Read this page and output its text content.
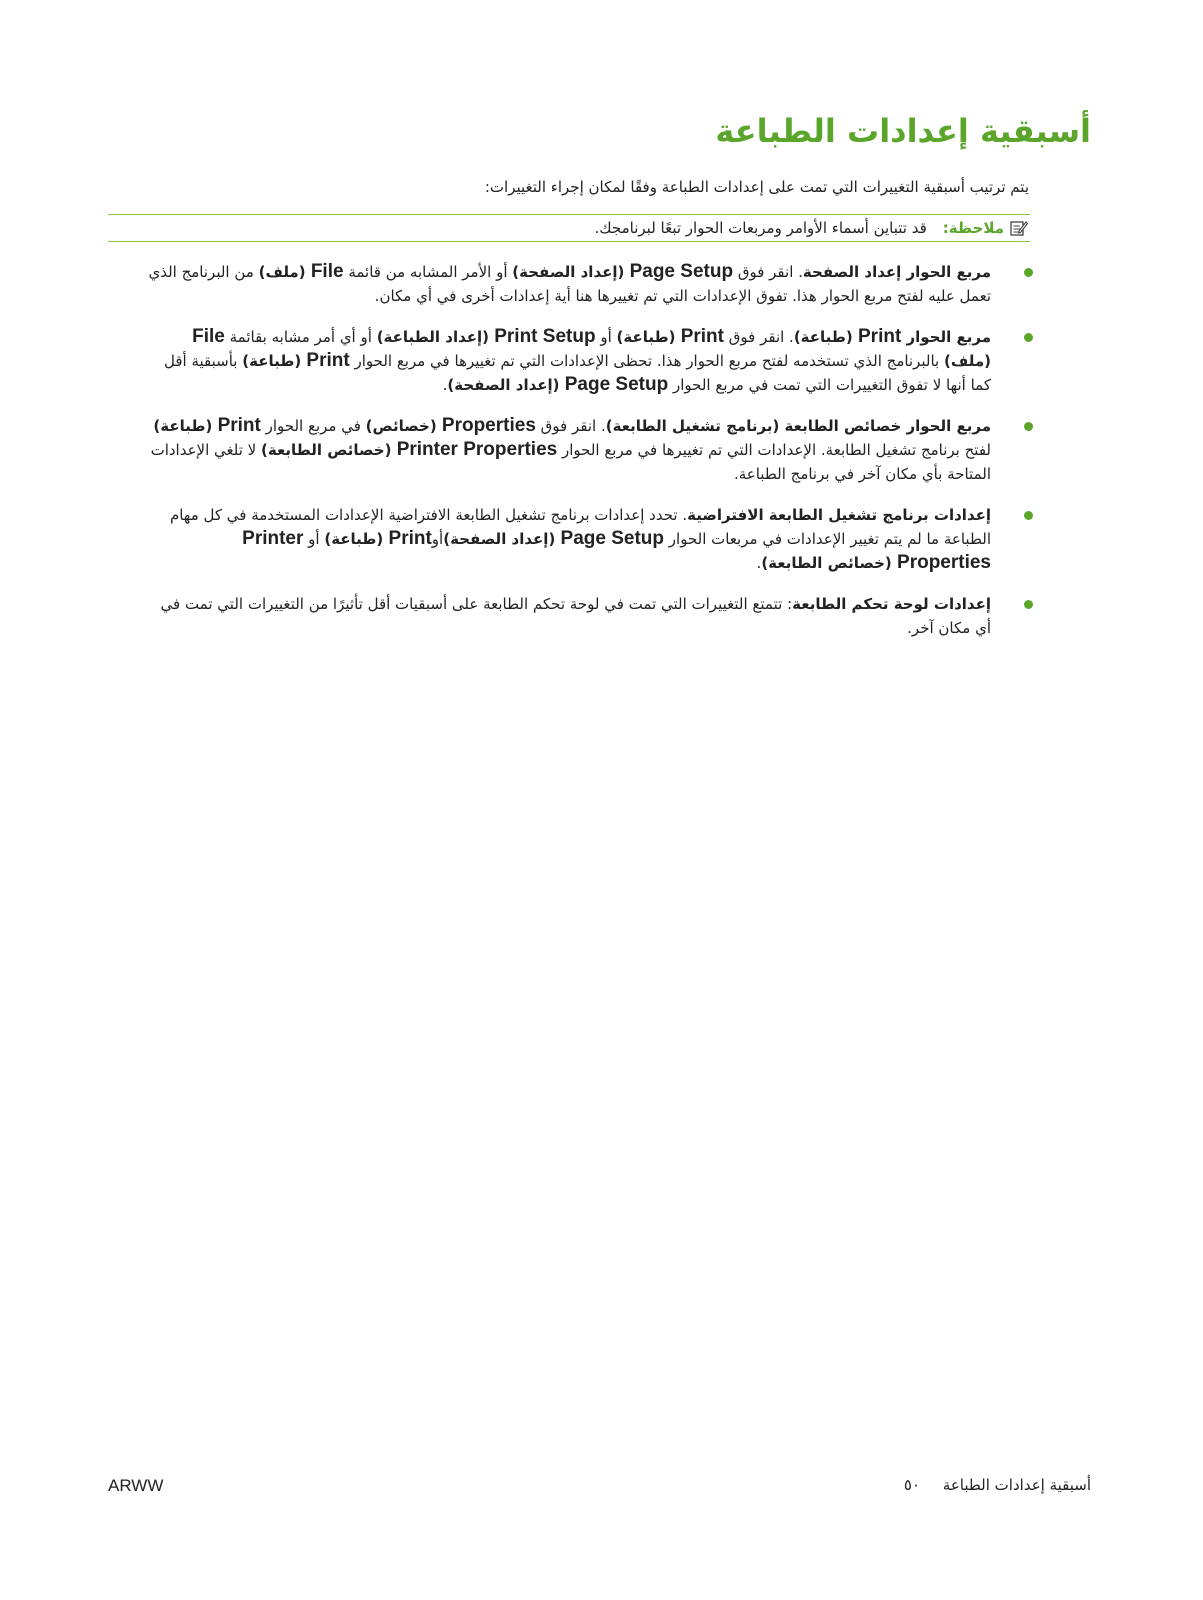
أسبقية إعدادات الطباعة

يتم ترتيب أسبقية التغييرات التي تمت على إعدادات الطباعة وفقًا لمكان إجراء التغييرات:

ملاحظة:
قد تتباين أسماء الأوامر ومربعات الحوار تبعًا لبرنامجك.
مربع الحوار إعداد الصفحة. انقر فوق Page Setup (إعداد الصفحة) أو الأمر المشابه من قائمة File (ملف) من البرنامج الذي تعمل عليه لفتح مربع الحوار هذا. تفوق الإعدادات التي تم تغييرها هنا أية إعدادات أخرى في أي مكان.
مربع الحوار Print (طباعة). انقر فوق Print (طباعة) أو Print Setup (إعداد الطباعة) أو أي أمر مشابه بقائمة File (ملف) بالبرنامج الذي تستخدمه لفتح مربع الحوار هذا. تحظى الإعدادات التي تم تغييرها في مربع الحوار Print (طباعة) بأسبقية أقل كما أنها لا تفوق التغييرات التي تمت في مربع الحوار Page Setup (إعداد الصفحة).
مربع الحوار خصائص الطابعة (برنامج تشغيل الطابعة). انقر فوق Properties (خصائص) في مربع الحوار Print (طباعة) لفتح برنامج تشغيل الطابعة. الإعدادات التي تم تغييرها في مربع الحوار Printer Properties (خصائص الطابعة) لا تلغي الإعدادات المتاحة بأي مكان آخر في برنامج الطباعة.
إعدادات برنامج تشغيل الطابعة الافتراضية. تحدد إعدادات برنامج تشغيل الطابعة الافتراضية الإعدادات المستخدمة في كل مهام الطباعة ما لم يتم تغيير الإعدادات في مربعات الحوار Page Setup (إعداد الصفحة)أوPrint (طباعة) أو Printer Properties (خصائص الطابعة).
إعدادات لوحة تحكم الطابعة: تتمتع التغييرات التي تمت في لوحة تحكم الطابعة على أسبقيات أقل تأثيرًا من التغييرات التي تمت في أي مكان آخر.
ARWW	أسبقية إعدادات الطباعة ٥٠
